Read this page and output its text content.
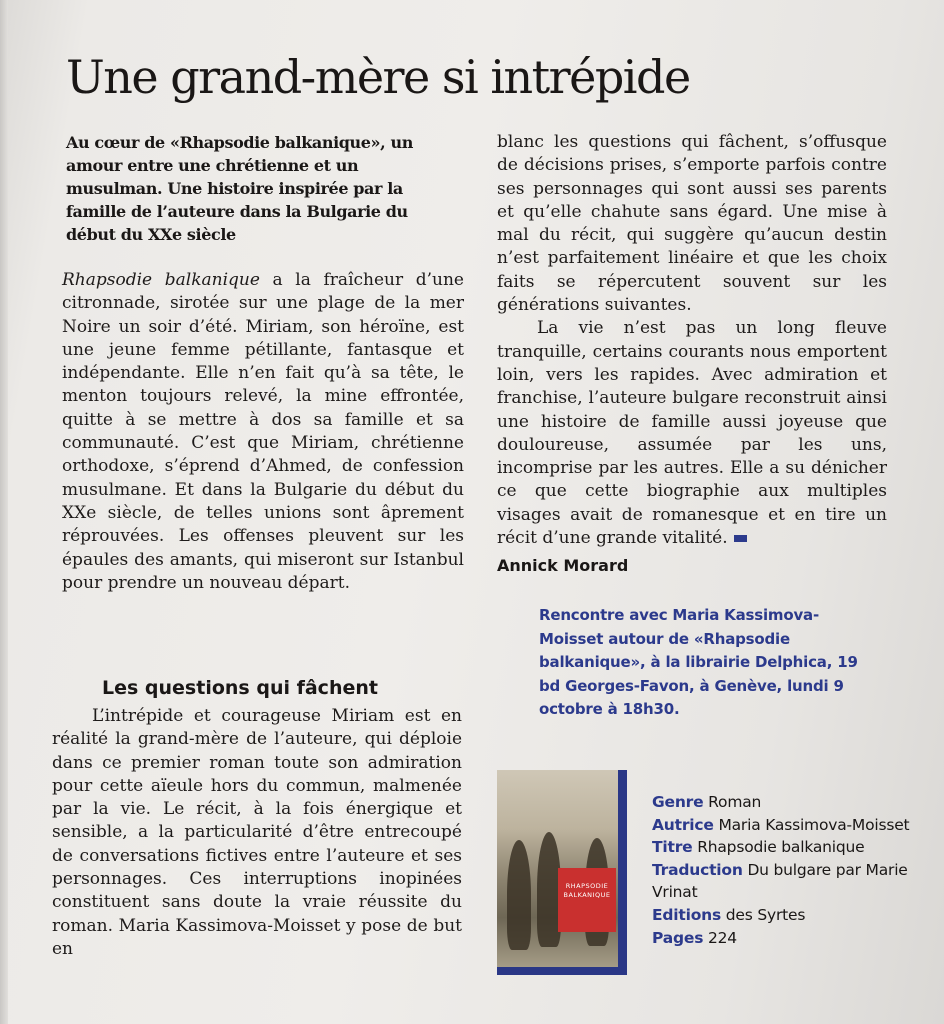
Une grand-mère si intrépide

Au cœur de «Rhapsodie balkanique», un amour entre une chrétienne et un musulman. Une histoire inspirée par la famille de l’auteure dans la Bulgarie du début du XXe siècle

Rhapsodie balkanique a la fraîcheur d’une citronnade, sirotée sur une plage de la mer Noire un soir d’été. Miriam, son héroïne, est une jeune femme pétillante, fantasque et indépendante. Elle n’en fait qu’à sa tête, le menton toujours relevé, la mine effrontée, quitte à se mettre à dos sa famille et sa communauté. C’est que Miriam, chrétienne orthodoxe, s’éprend d’Ahmed, de confession musulmane. Et dans la Bulgarie du début du XXe siècle, de telles unions sont âprement réprouvées. Les offenses pleuvent sur les épaules des amants, qui miseront sur Istanbul pour prendre un nouveau départ.

Les questions qui fâchent

L’intrépide et courageuse Miriam est en réalité la grand-mère de l’auteure, qui déploie dans ce premier roman toute son admiration pour cette aïeule hors du commun, malmenée par la vie. Le récit, à la fois énergique et sensible, a la particularité d’être entrecoupé de conversations fictives entre l’auteure et ses personnages. Ces interruptions inopinées constituent sans doute la vraie réussite du roman. Maria Kassimova-Moisset y pose de but en

blanc les questions qui fâchent, s’offusque de décisions prises, s’emporte parfois contre ses personnages qui sont aussi ses parents et qu’elle chahute sans égard. Une mise à mal du récit, qui suggère qu’aucun destin n’est parfaitement linéaire et que les choix faits se répercutent souvent sur les générations suivantes.

La vie n’est pas un long fleuve tranquille, certains courants nous emportent loin, vers les rapides. Avec admiration et franchise, l’auteure bulgare reconstruit ainsi une histoire de famille aussi joyeuse que douloureuse, assumée par les uns, incomprise par les autres. Elle a su dénicher ce que cette biographie aux multiples visages avait de romanesque et en tire un récit d’une grande vitalité.

Annick Morard

Rencontre avec Maria Kassimova-Moisset autour de «Rhapsodie balkanique», à la librairie Delphica, 19 bd Georges-Favon, à Genève, lundi 9 octobre à 18h30.

RHAPSODIE
BALKANIQUE
Genre Roman
Autrice Maria Kassimova-Moisset
Titre Rhapsodie balkanique
Traduction Du bulgare par Marie Vrinat
Editions des Syrtes
Pages 224
